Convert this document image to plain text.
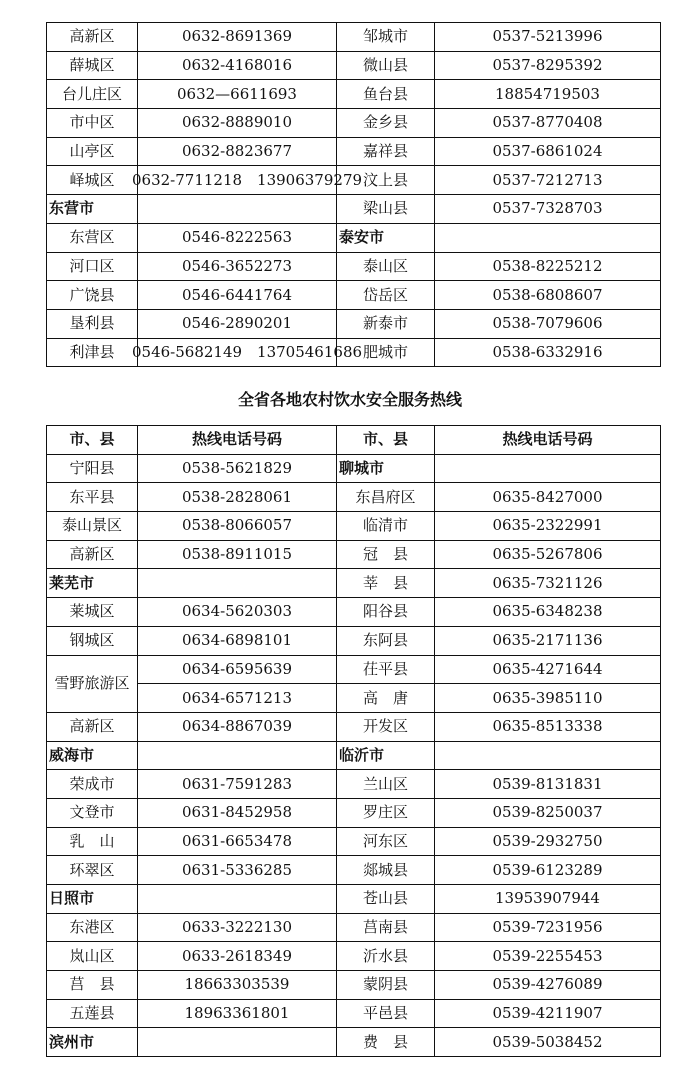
高新区	0632-8691369	邹城市	0537-5213996
薛城区	0632-4168016	微山县	0537-8295392
台儿庄区	0632—6611693	鱼台县	18854719503
市中区	0632-8889010	金乡县	0537-8770408
山亭区	0632-8823677	嘉祥县	0537-6861024
峄城区	0632-7711218　13906379279	汶上县	0537-7212713
东营市		梁山县	0537-7328703
东营区	0546-8222563	泰安市	
河口区	0546-3652273	泰山区	0538-8225212
广饶县	0546-6441764	岱岳区	0538-6808607
垦利县	0546-2890201	新泰市	0538-7079606
利津县	0546-5682149　13705461686	肥城市	0538-6332916
全省各地农村饮水安全服务热线
市、县	热线电话号码	市、县	热线电话号码
宁阳县	0538-5621829	聊城市	
东平县	0538-2828061	东昌府区	0635-8427000
泰山景区	0538-8066057	临清市	0635-2322991
高新区	0538-8911015	冠　县	0635-5267806
莱芜市		莘　县	0635-7321126
莱城区	0634-5620303	阳谷县	0635-6348238
钢城区	0634-6898101	东阿县	0635-2171136
雪野旅游区	0634-6595639	茌平县	0635-4271644
	0634-6571213	高　唐	0635-3985110
高新区	0634-8867039	开发区	0635-8513338
威海市		临沂市	
荣成市	0631-7591283	兰山区	0539-8131831
文登市	0631-8452958	罗庄区	0539-8250037
乳　山	0631-6653478	河东区	0539-2932750
环翠区	0631-5336285	郯城县	0539-6123289
日照市		苍山县	13953907944
东港区	0633-3222130	莒南县	0539-7231956
岚山区	0633-2618349	沂水县	0539-2255453
莒　县	18663303539	蒙阴县	0539-4276089
五莲县	18963361801	平邑县	0539-4211907
滨州市		费　县	0539-5038452
